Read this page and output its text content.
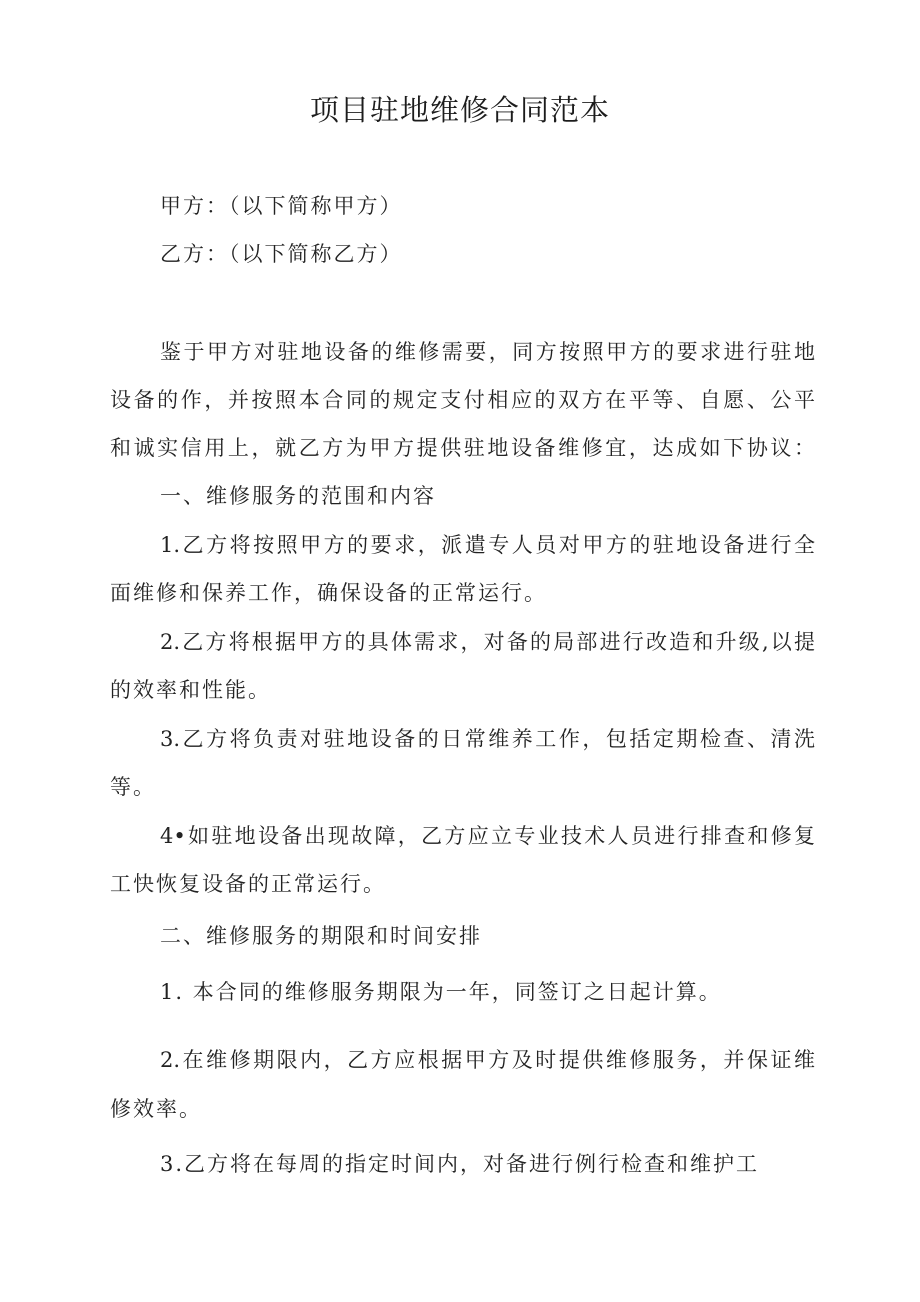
项目驻地维修合同范本
甲方：（以下简称甲方）
乙方：（以下简称乙方）
鉴于甲方对驻地设备的维修需要，同方按照甲方的要求进行驻地
设备的作，并按照本合同的规定支付相应的双方在平等、自愿、公平
和诚实信用上，就乙方为甲方提供驻地设备维修宜，达成如下协议：
一、维修服务的范围和内容
1.乙方将按照甲方的要求，派遣专人员对甲方的驻地设备进行全
面维修和保养工作，确保设备的正常运行。
2.乙方将根据甲方的具体需求，对备的局部进行改造和升级,以提
的效率和性能。
3.乙方将负责对驻地设备的日常维养工作，包括定期检查、清洗
等。
4•如驻地设备出现故障，乙方应立专业技术人员进行排查和修复
工快恢复设备的正常运行。
二、维修服务的期限和时间安排
1. 本合同的维修服务期限为一年，同签订之日起计算。
2.在维修期限内，乙方应根据甲方及时提供维修服务，并保证维
修效率。
3.乙方将在每周的指定时间内，对备进行例行检查和维护工
